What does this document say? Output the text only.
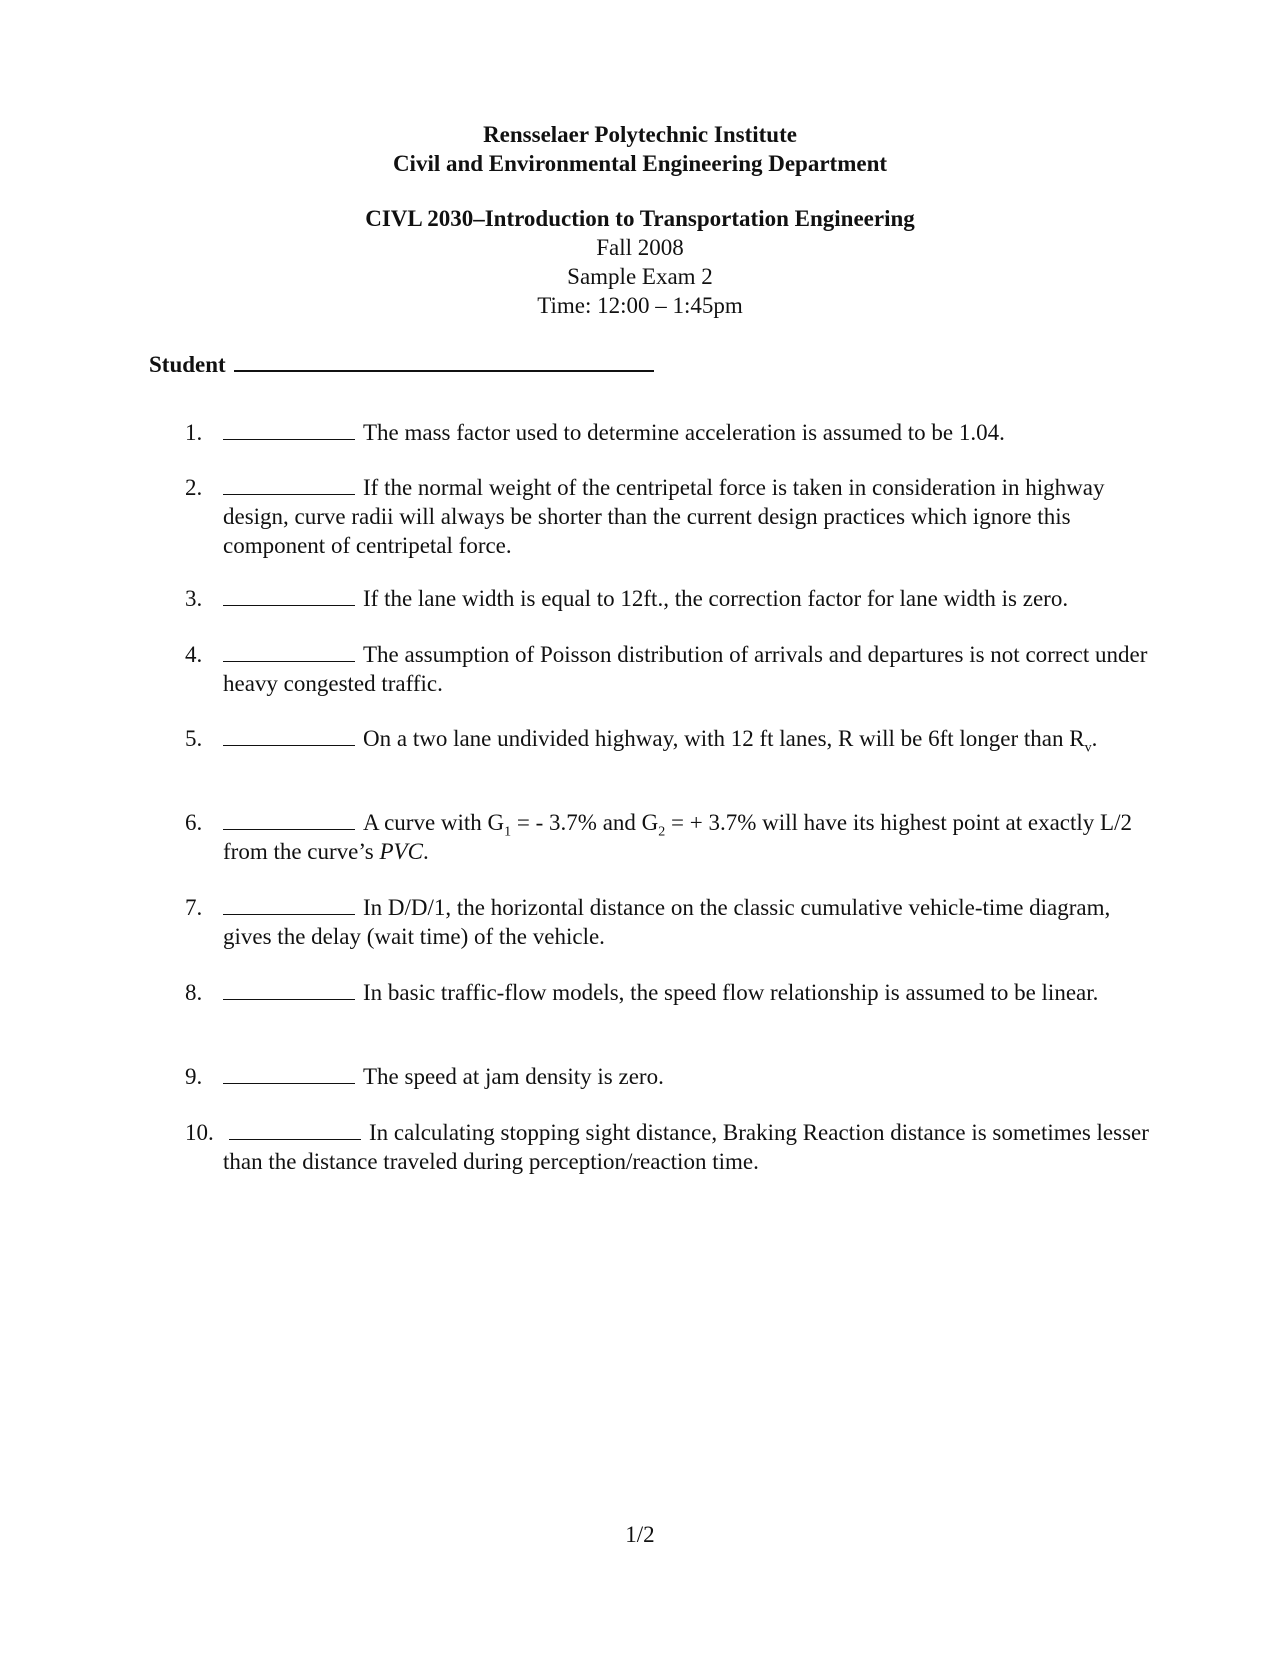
Rensselaer Polytechnic Institute
Civil and Environmental Engineering Department
CIVL 2030–Introduction to Transportation Engineering
Fall 2008
Sample Exam 2
Time: 12:00 – 1:45pm
Student
1.	The mass factor used to determine acceleration is assumed to be 1.04.
2.	If the normal weight of the centripetal force is taken in consideration in highway design, curve radii will always be shorter than the current design practices which ignore this component of centripetal force.
3.	If the lane width is equal to 12ft., the correction factor for lane width is zero.
4.	The assumption of Poisson distribution of arrivals and departures is not correct under heavy congested traffic.
5.	On a two lane undivided highway, with 12 ft lanes, R will be 6ft longer than $R_v$.
6.	A curve with $G_1$ = - 3.7% and $G_2$ = + 3.7% will have its highest point at exactly L/2 from the curve’s PVC.
7.	In D/D/1, the horizontal distance on the classic cumulative vehicle-time diagram, gives the delay (wait time) of the vehicle.
8.	In basic traffic-flow models, the speed flow relationship is assumed to be linear.
9.	The speed at jam density is zero.
10.	In calculating stopping sight distance, Braking Reaction distance is sometimes lesser than the distance traveled during perception/reaction time.
1/2
